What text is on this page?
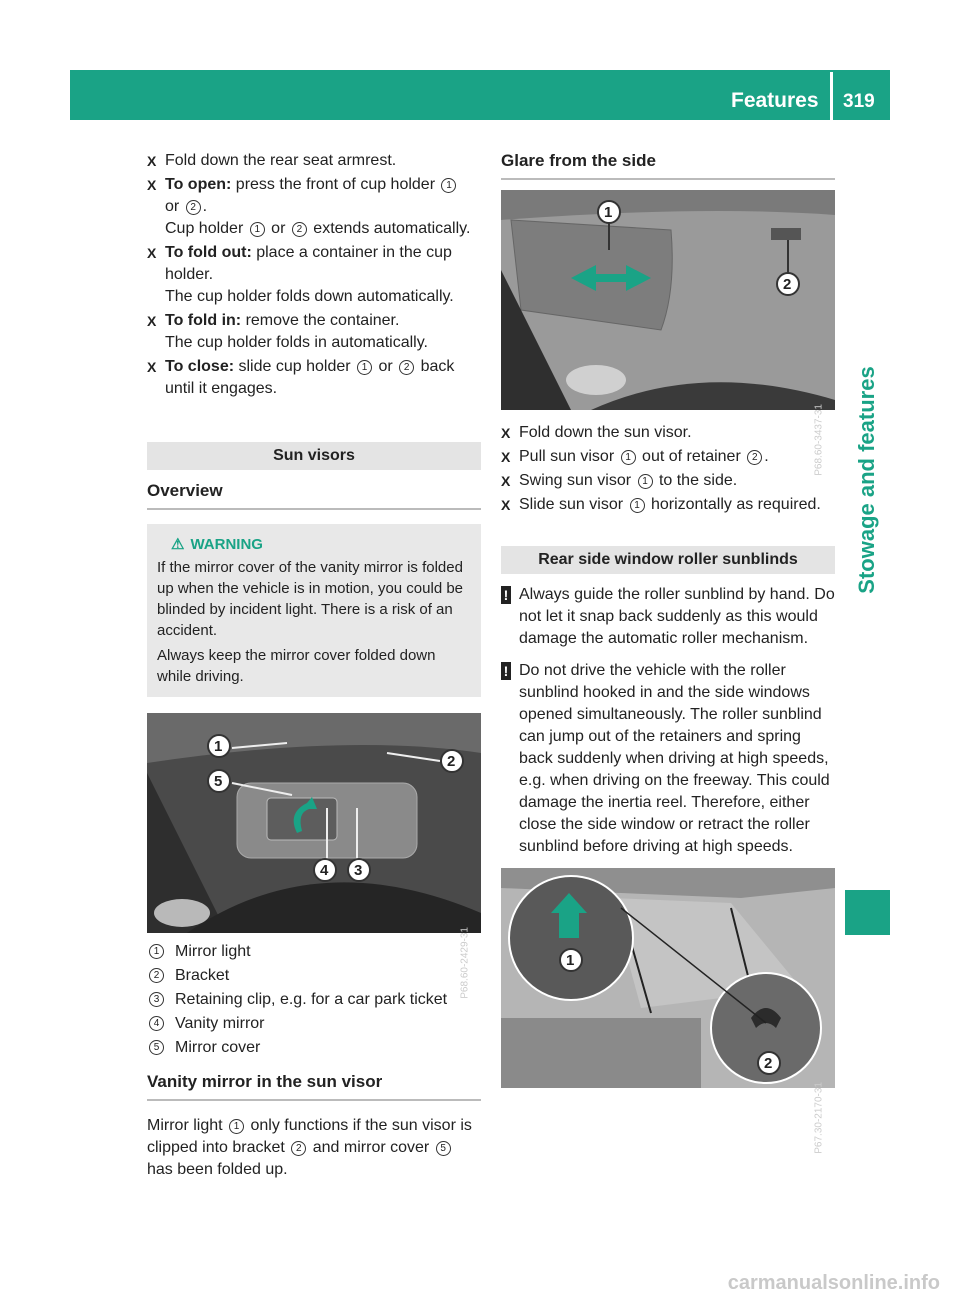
Features 319
Stowage and features
X Fold down the rear seat armrest.
X To open: press the front of cup holder 1
or 2 .
Cup holder 1 or 2 extends automatically.
X To fold out: place a container in the cup holder.

The cup holder folds down automatically.

X To fold in: remove the container.

The cup holder folds in automatically.

X To close: slide cup holder 1 or 2 back until it engages.
Sun visors
Overview
⚠ WARNING

If the mirror cover of the vanity mirror is folded up when the vehicle is in motion, you could be blinded by incident light. There is a risk of an accident.

Always keep the mirror cover folded down while driving.

1
2
3
4
5
P68.60-2429-31
1 Mirror light
2 Bracket
3 Retaining clip, e.g. for a car park ticket
4 Vanity mirror
5 Mirror cover
Vanity mirror in the sun visor

Mirror light 1 only functions if the sun visor is clipped into bracket 2 and mirror cover 5 has been folded up.

Glare from the side
1
2
P68.60-3437-31
X Fold down the sun visor.
X Pull sun visor 1 out of retainer 2 .
X Swing sun visor 1 to the side.
X Slide sun visor 1 horizontally as required.
Rear side window roller sunblinds
! Always guide the roller sunblind by hand. Do not let it snap back suddenly as this would damage the automatic roller mechanism.
! Do not drive the vehicle with the roller sunblind hooked in and the side windows opened simultaneously. The roller sunblind can jump out of the retainers and spring back suddenly when driving at high speeds, e.g. when driving on the freeway. This could damage the inertia reel. Therefore, either close the side window or retract the roller sunblind before driving at high speeds.
1
2
P67.30-2170-31
carmanualsonline.info
